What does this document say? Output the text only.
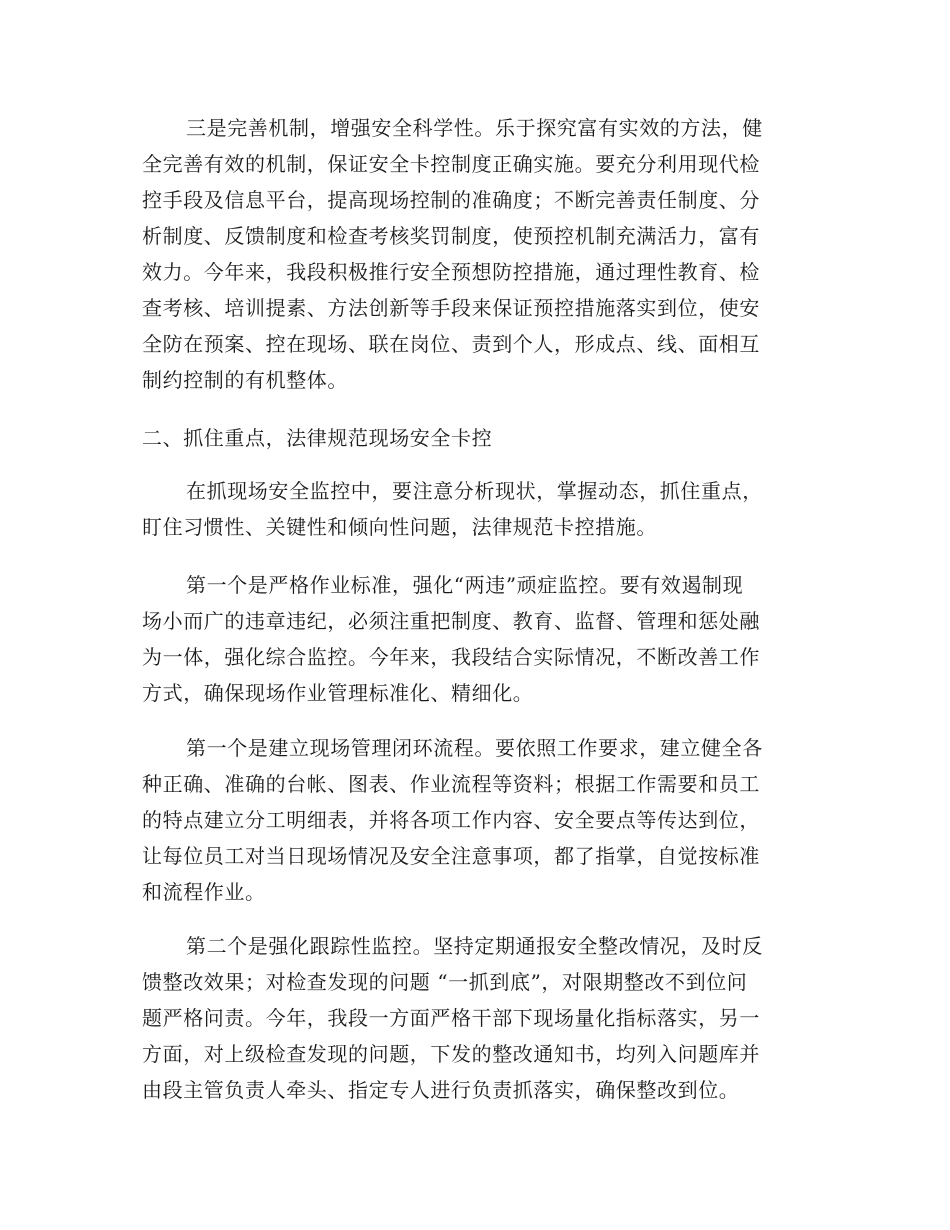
三是完善机制，增强安全科学性。乐于探究富有实效的方法，健
全完善有效的机制，保证安全卡控制度正确实施。要充分利用现代检
控手段及信息平台，提高现场控制的准确度；不断完善责任制度、分
析制度、反馈制度和检查考核奖罚制度，使预控机制充满活力，富有
效力。今年来，我段积极推行安全预想防控措施，通过理性教育、检
查考核、培训提素、方法创新等手段来保证预控措施落实到位，使安
全防在预案、控在现场、联在岗位、责到个人，形成点、线、面相互
制约控制的有机整体。
二、抓住重点，法律规范现场安全卡控
在抓现场安全监控中，要注意分析现状，掌握动态，抓住重点，
盯住习惯性、关键性和倾向性问题，法律规范卡控措施。
第一个是严格作业标准，强化“两违”顽症监控。要有效遏制现
场小而广的违章违纪，必须注重把制度、教育、监督、管理和惩处融
为一体，强化综合监控。今年来，我段结合实际情况，不断改善工作
方式，确保现场作业管理标准化、精细化。
第一个是建立现场管理闭环流程。要依照工作要求，建立健全各
种正确、准确的台帐、图表、作业流程等资料；根据工作需要和员工
的特点建立分工明细表，并将各项工作内容、安全要点等传达到位，
让每位员工对当日现场情况及安全注意事项，都了指掌，自觉按标准
和流程作业。
第二个是强化跟踪性监控。坚持定期通报安全整改情况，及时反
馈整改效果；对检查发现的问题 “一抓到底”，对限期整改不到位问
题严格问责。今年，我段一方面严格干部下现场量化指标落实，另一
方面，对上级检查发现的问题，下发的整改通知书，均列入问题库并
由段主管负责人牵头、指定专人进行负责抓落实，确保整改到位。
